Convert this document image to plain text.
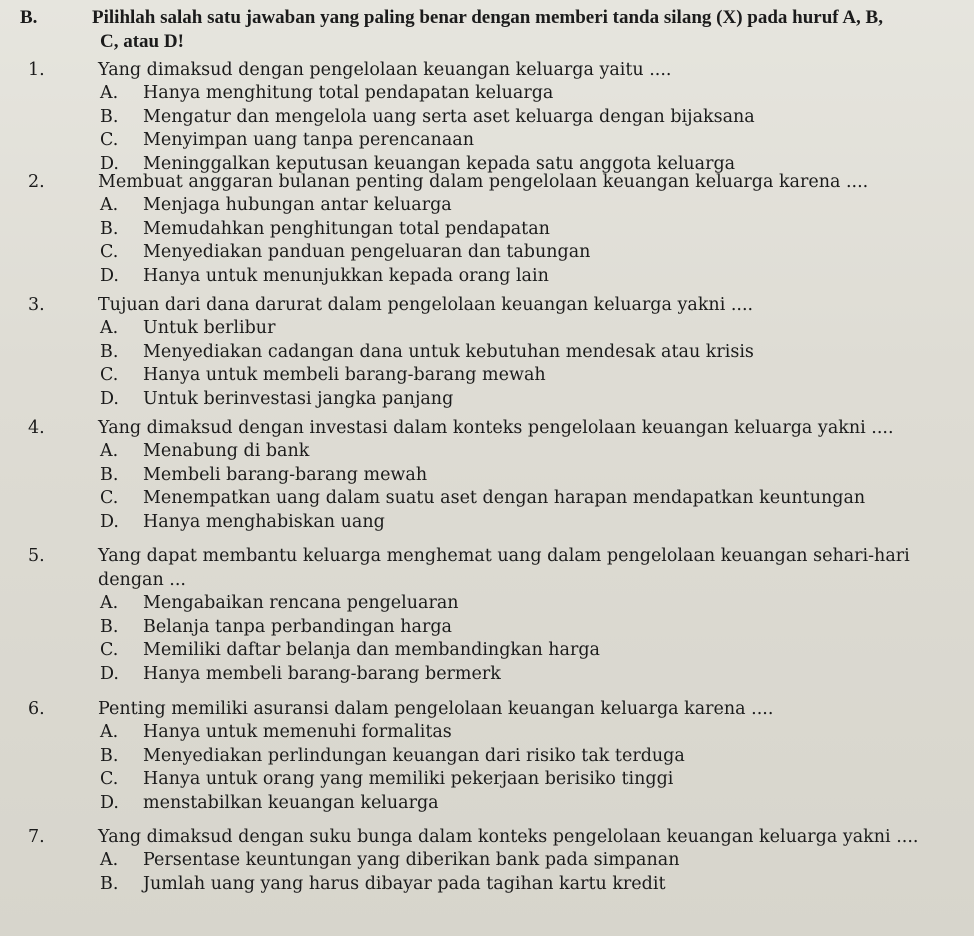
B.	Pilihlah salah satu jawaban yang paling benar dengan memberi tanda silang (X) pada huruf A, B,
C, atau D!
1.	Yang dimaksud dengan pengelolaan keuangan keluarga yaitu ....
A.	Hanya menghitung total pendapatan keluarga
B.	Mengatur dan mengelola uang serta aset keluarga dengan bijaksana
C.	Menyimpan uang tanpa perencanaan
D.	Meninggalkan keputusan keuangan kepada satu anggota keluarga
2.	Membuat anggaran bulanan penting dalam pengelolaan keuangan keluarga karena ....
A.	Menjaga hubungan antar keluarga
B.	Memudahkan penghitungan total pendapatan
C.	Menyediakan panduan pengeluaran dan tabungan
D.	Hanya untuk menunjukkan kepada orang lain
3.	Tujuan dari dana darurat dalam pengelolaan keuangan keluarga yakni ....
A.	Untuk berlibur
B.	Menyediakan cadangan dana untuk kebutuhan mendesak atau krisis
C.	Hanya untuk membeli barang-barang mewah
D.	Untuk berinvestasi jangka panjang
4.	Yang dimaksud dengan investasi dalam konteks pengelolaan keuangan keluarga yakni ....
A.	Menabung di bank
B.	Membeli barang-barang mewah
C.	Menempatkan uang dalam suatu aset dengan harapan mendapatkan keuntungan
D.	Hanya menghabiskan uang
5.	Yang dapat membantu keluarga menghemat uang dalam pengelolaan keuangan sehari-hari
dengan ...
A.	Mengabaikan rencana pengeluaran
B.	Belanja tanpa perbandingan harga
C.	Memiliki daftar belanja dan membandingkan harga
D.	Hanya membeli barang-barang bermerk
6.	Penting memiliki asuransi dalam pengelolaan keuangan keluarga karena ....
A.	Hanya untuk memenuhi formalitas
B.	Menyediakan perlindungan keuangan dari risiko tak terduga
C.	Hanya untuk orang yang memiliki pekerjaan berisiko tinggi
D.	menstabilkan keuangan keluarga
7.	Yang dimaksud dengan suku bunga dalam konteks pengelolaan keuangan keluarga yakni ....
A.	Persentase keuntungan yang diberikan bank pada simpanan
B.	Jumlah uang yang harus dibayar pada tagihan kartu kredit
